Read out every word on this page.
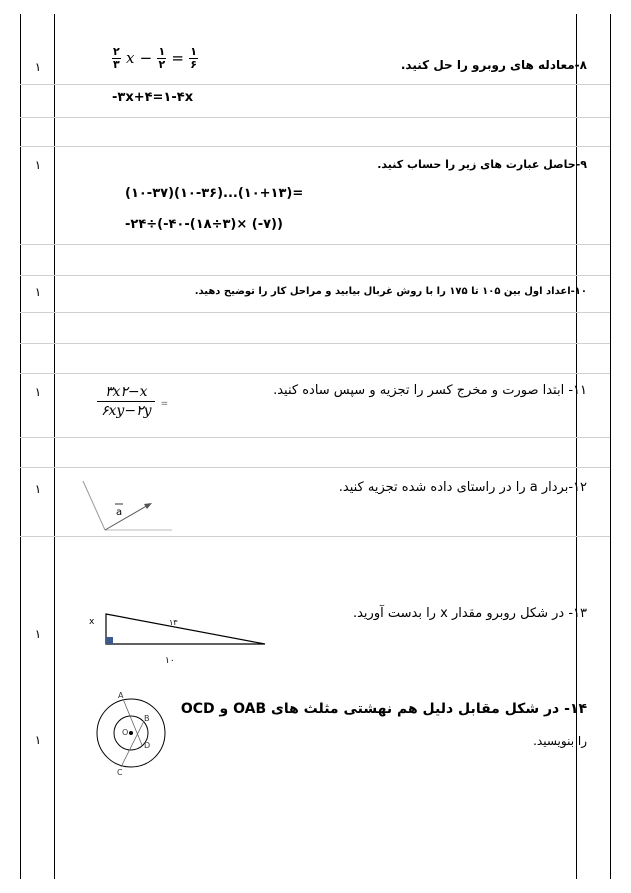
۱
۱
۱
۱
۱
۱
۱
۸-معادله های روبرو را حل کنید.
$\frac{۲}{۳}$ $x - \frac{۱}{۲} = \frac{۱}{۶}$
-۳x+۴=۱-۴x
۹-حاصل عبارت های زیر را حساب کنید.
(۱۰-۳۷)(۱۰-۳۶)...(۱۰+۱۳)=
-۲۴÷(-۴۰-(۱۸÷۳)× (-۷))
۱۰-اعداد اول بین ۱۰۵ تا ۱۷۵ را با روش غربال بیابید و مراحل کار را توضیح دهید.
۱۱- ابتدا صورت و مخرج کسر را تجزیه و سپس ساده کنید.
$\frac{۳x۲-x}{۶xy-۲y}$ =
۱۲-بردار a را در راستای داده شده تجزیه کنید.
a
۱۳- در شکل روبرو مقدار x را بدست آورید.
x	۱۳
۱۰
۱۴- در شکل مقابل دلیل هم نهشتی مثلث های OAB و OCD
را بنویسید.
A
B
O
D
C
